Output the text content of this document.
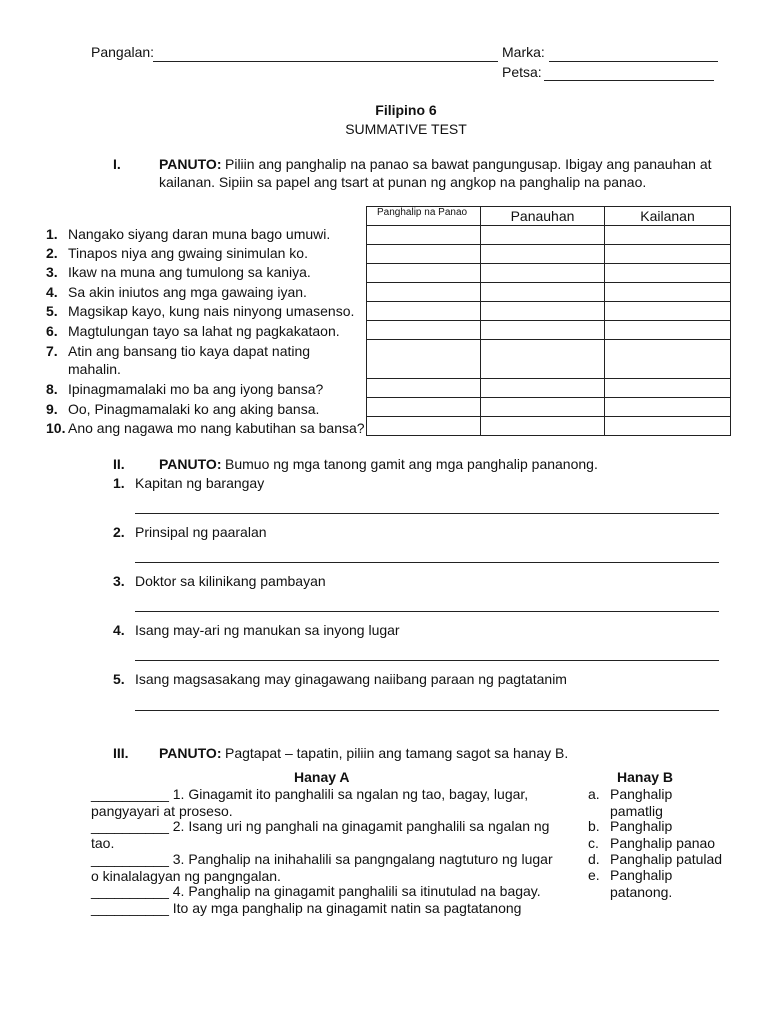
Pangalan:	Marka:
Petsa:
Filipino 6
SUMMATIVE TEST
I.	PANUTO: Piliin ang panghalip na panao sa bawat pangungusap. Ibigay ang panauhan at
kailanan. Sipiin sa papel ang tsart at punan ng angkop na panghalip na panao.
1. Nangako siyang daran muna bago umuwi.
2. Tinapos niya ang gwaing sinimulan ko.
3. Ikaw na muna ang tumulong sa kaniya.
4. Sa akin iniutos ang mga gawaing iyan.
5. Magsikap kayo, kung nais ninyong umasenso.
6. Magtulungan tayo sa lahat ng pagkakataon.
7. Atin ang bansang tio kaya dapat nating
mahalin.
8. Ipinagmamalaki mo ba ang iyong bansa?
9. Oo, Pinagmamalaki ko ang aking bansa.
10. Ano ang nagawa mo nang kabutihan sa bansa?
Panghalip na Panao	Panauhan	Kailanan

II. PANUTO: Bumuo ng mga tanong gamit ang mga panghalip pananong.
1. Kapitan ng barangay
2. Prinsipal ng paaralan
3. Doktor sa kilinikang pambayan
4. Isang may-ari ng manukan sa inyong lugar
5. Isang magsasakang may ginagawang naiibang paraan ng pagtatanim
III. PANUTO: Pagtapat – tapatin, piliin ang tamang sagot sa hanay B.
Hanay A	Hanay B
__________ 1. Ginagamit ito panghalili sa ngalan ng tao, bagay, lugar, pangyayari at proseso.
__________ 2. Isang uri ng panghali na ginagamit panghalili sa ngalan ng tao.
__________ 3. Panghalip na inihahalili sa pangngalang nagtuturo ng lugar o kinalalagyan ng pangngalan.
__________ 4. Panghalip na ginagamit panghalili sa itinutulad na bagay.
__________ Ito ay mga panghalip na ginagamit natin sa pagtatanong
a. Panghalip
pamatlig
b. Panghalip
c. Panghalip panao
d. Panghalip patulad
e. Panghalip
patanong.
